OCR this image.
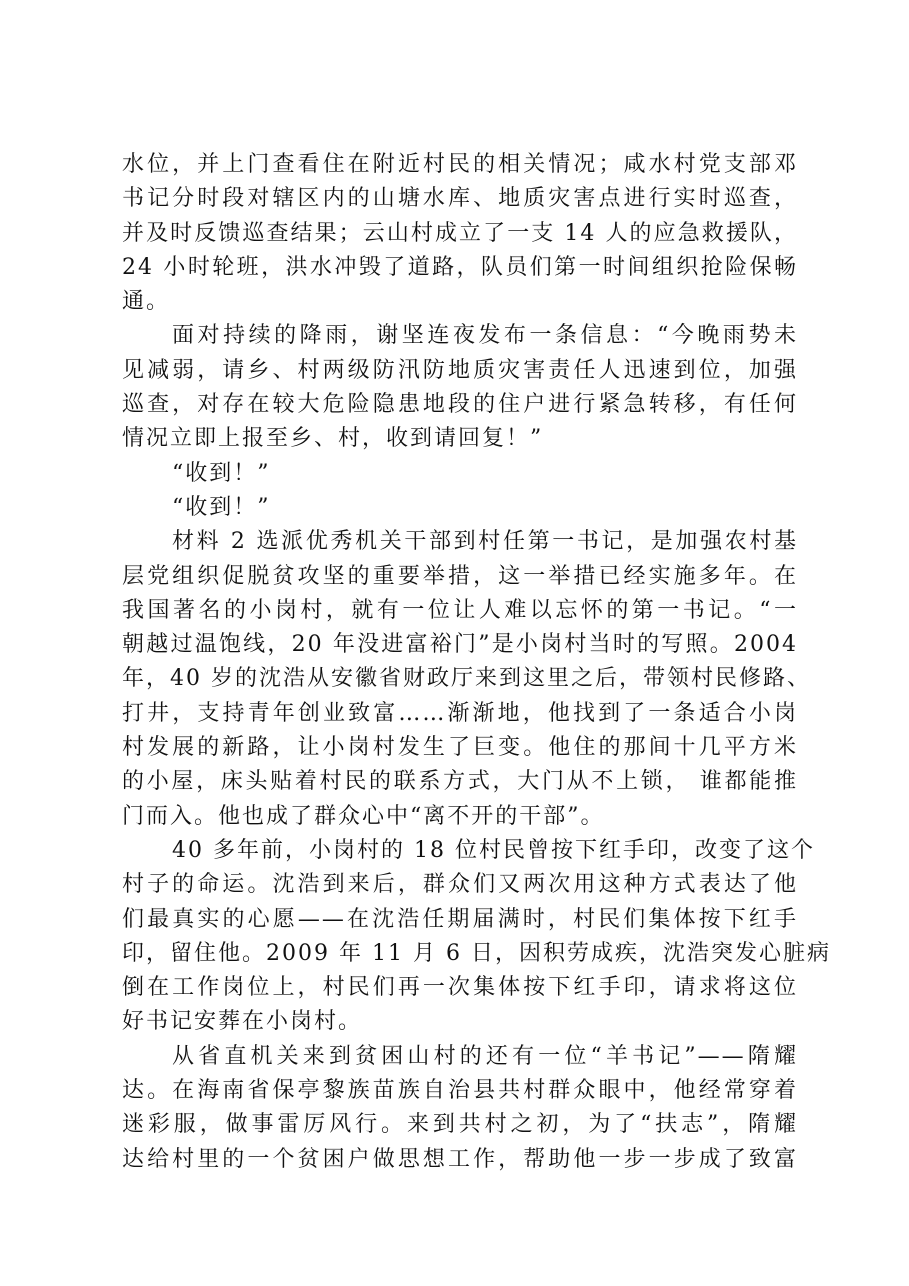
水位，并上门查看住在附近村民的相关情况；咸水村党支部邓
书记分时段对辖区内的山塘水库、地质灾害点进行实时巡查，
并及时反馈巡查结果；云山村成立了一支 14 人的应急救援队，
24 小时轮班，洪水冲毁了道路，队员们第一时间组织抢险保畅
通。
面对持续的降雨，谢坚连夜发布一条信息：“今晚雨势未
见减弱，请乡、村两级防汛防地质灾害责任人迅速到位，加强
巡查，对存在较大危险隐患地段的住户进行紧急转移，有任何
情况立即上报至乡、村，收到请回复！”
“收到！”
“收到！”
材料 2 选派优秀机关干部到村任第一书记，是加强农村基
层党组织促脱贫攻坚的重要举措，这一举措已经实施多年。在
我国著名的小岗村，就有一位让人难以忘怀的第一书记。“一
朝越过温饱线，20 年没进富裕门”是小岗村当时的写照。2004
年，40 岁的沈浩从安徽省财政厅来到这里之后，带领村民修路、
打井，支持青年创业致富……渐渐地，他找到了一条适合小岗
村发展的新路，让小岗村发生了巨变。他住的那间十几平方米
的小屋，床头贴着村民的联系方式，大门从不上锁， 谁都能推
门而入。他也成了群众心中“离不开的干部”。
40 多年前，小岗村的 18 位村民曾按下红手印，改变了这个
村子的命运。沈浩到来后，群众们又两次用这种方式表达了他
们最真实的心愿——在沈浩任期届满时，村民们集体按下红手
印，留住他。2009 年 11 月 6 日，因积劳成疾，沈浩突发心脏病
倒在工作岗位上，村民们再一次集体按下红手印，请求将这位
好书记安葬在小岗村。
从省直机关来到贫困山村的还有一位“羊书记”——隋耀
达。在海南省保亭黎族苗族自治县共村群众眼中，他经常穿着
迷彩服，做事雷厉风行。来到共村之初，为了“扶志”，隋耀
达给村里的一个贫困户做思想工作，帮助他一步一步成了致富
